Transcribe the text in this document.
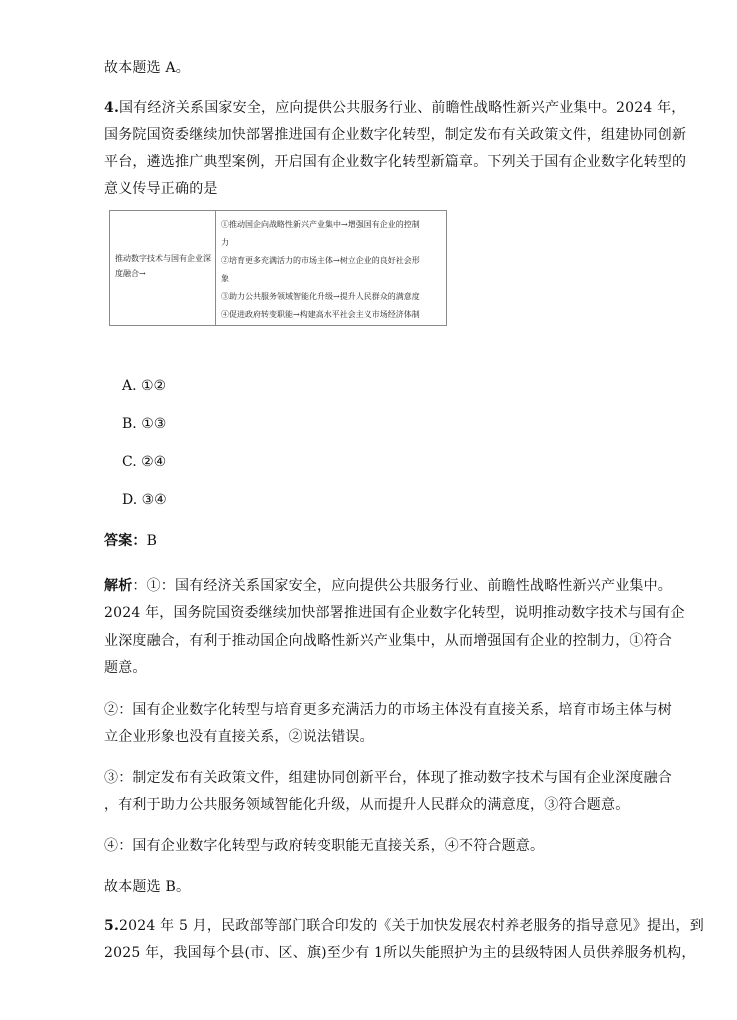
故本题选 A。
4.国有经济关系国家安全，应向提供公共服务行业、前瞻性战略性新兴产业集中。2024 年，
国务院国资委继续加快部署推进国有企业数字化转型，制定发布有关政策文件，组建协同创新
平台，遴选推广典型案例，开启国有企业数字化转型新篇章。下列关于国有企业数字化转型的
意义传导正确的是
推动数字技术与国有企业深度融合→
①推动国企向战略性新兴产业集中→增强国有企业的控制
力
②培育更多充满活力的市场主体→树立企业的良好社会形
象
③助力公共服务领域智能化升级→提升人民群众的满意度
④促进政府转变职能→构建高水平社会主义市场经济体制
A. ①②
B. ①③
C. ②④
D. ③④
答案：B
解析：①：国有经济关系国家安全，应向提供公共服务行业、前瞻性战略性新兴产业集中。
2024 年，国务院国资委继续加快部署推进国有企业数字化转型，说明推动数字技术与国有企
业深度融合，有利于推动国企向战略性新兴产业集中，从而增强国有企业的控制力，①符合
题意。
②：国有企业数字化转型与培育更多充满活力的市场主体没有直接关系，培育市场主体与树
立企业形象也没有直接关系，②说法错误。
③：制定发布有关政策文件，组建协同创新平台，体现了推动数字技术与国有企业深度融合
，有利于助力公共服务领域智能化升级，从而提升人民群众的满意度，③符合题意。
④：国有企业数字化转型与政府转变职能无直接关系，④不符合题意。
故本题选 B。
5.2024 年 5 月，民政部等部门联合印发的《关于加快发展农村养老服务的指导意见》提出，到
2025 年，我国每个县(市、区、旗)至少有 1所以失能照护为主的县级特困人员供养服务机构，
